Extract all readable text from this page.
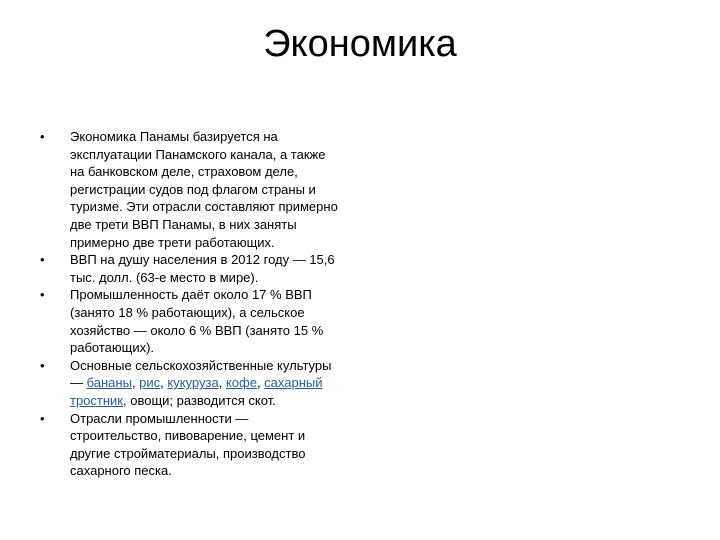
Экономика
•	Экономика Панамы базируется на эксплуатации Панамского канала, а также на банковском деле, страховом деле, регистрации судов под флагом страны и туризме. Эти отрасли составляют примерно две трети ВВП Панамы, в них заняты примерно две трети работающих.
•	ВВП на душу населения в 2012 году — 15,6 тыс. долл. (63-е место в мире).
•	Промышленность даёт около 17 % ВВП (занято 18 % работающих), а сельское хозяйство — около 6 % ВВП (занято 15 % работающих).
•	Основные сельскохозяйственные культуры — бананы, рис, кукуруза, кофе, сахарный тростник, овощи; разводится скот.
•	Отрасли промышленности — строительство, пивоварение, цемент и другие стройматериалы, производство сахарного песка.
